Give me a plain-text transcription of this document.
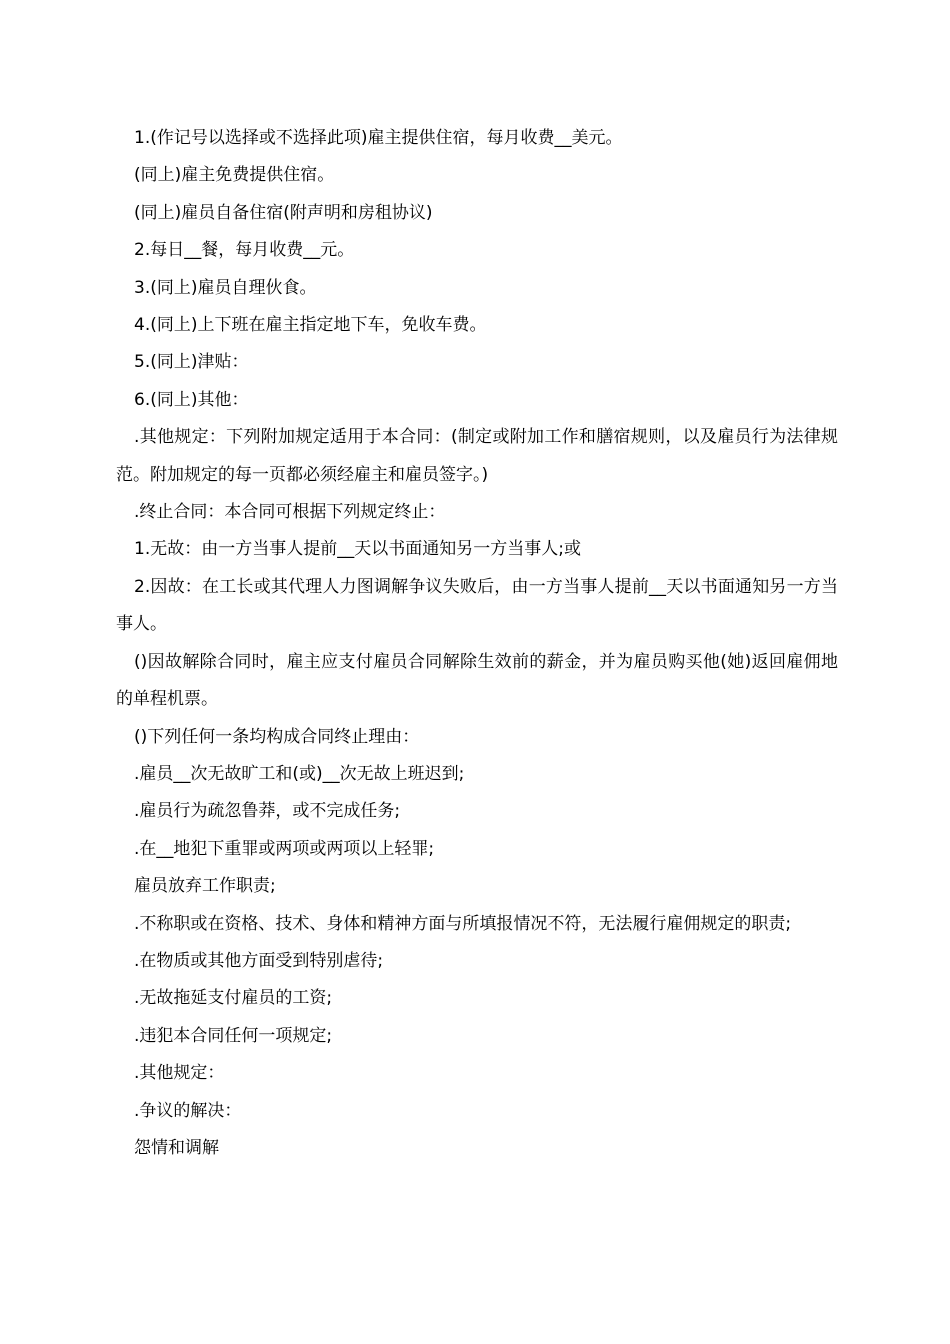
1.(作记号以选择或不选择此项)雇主提供住宿，每月收费__美元。

(同上)雇主免费提供住宿。

(同上)雇员自备住宿(附声明和房租协议)

2.每日__餐，每月收费__元。

3.(同上)雇员自理伙食。

4.(同上)上下班在雇主指定地下车，免收车费。

5.(同上)津贴：

6.(同上)其他：

.其他规定：下列附加规定适用于本合同：(制定或附加工作和膳宿规则，以及雇员行为法律规范。附加规定的每一页都必须经雇主和雇员签字。)

.终止合同：本合同可根据下列规定终止：

1.无故：由一方当事人提前__天以书面通知另一方当事人;或

2.因故：在工长或其代理人力图调解争议失败后，由一方当事人提前__天以书面通知另一方当事人。

()因故解除合同时，雇主应支付雇员合同解除生效前的薪金，并为雇员购买他(她)返回雇佣地的单程机票。

()下列任何一条均构成合同终止理由：

.雇员__次无故旷工和(或)__次无故上班迟到;

.雇员行为疏忽鲁莽，或不完成任务;

.在__地犯下重罪或两项或两项以上轻罪;

雇员放弃工作职责;

.不称职或在资格、技术、身体和精神方面与所填报情况不符，无法履行雇佣规定的职责;

.在物质或其他方面受到特别虐待;

.无故拖延支付雇员的工资;

.违犯本合同任何一项规定;

.其他规定：

.争议的解决：

怨情和调解
